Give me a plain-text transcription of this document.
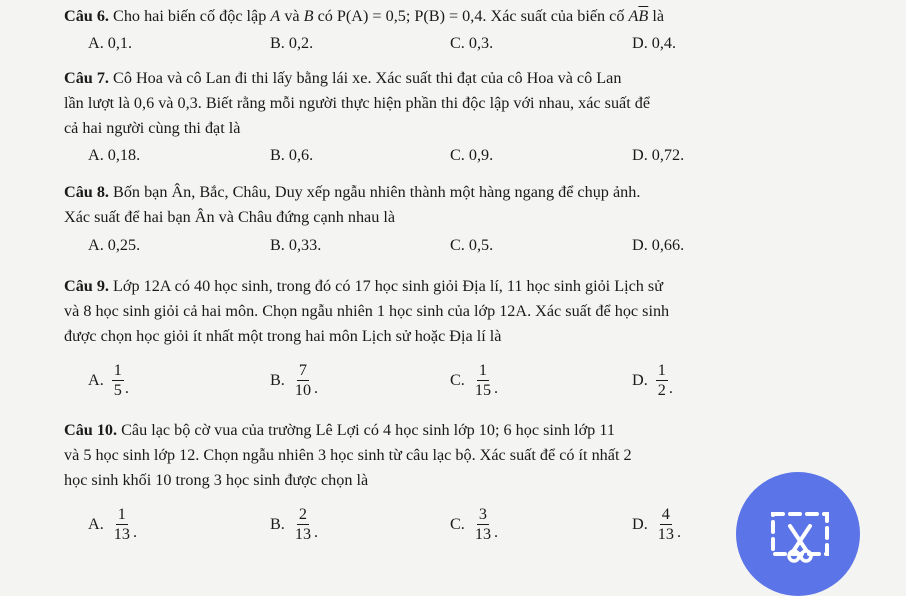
Câu 6. Cho hai biến cố độc lập A và B có P(A) = 0,5; P(B) = 0,4. Xác suất của biến cố $A\overline{B}$ là
A. 0,1.	B. 0,2.	C. 0,3.	D. 0,4.
Câu 7. Cô Hoa và cô Lan đi thi lấy bằng lái xe. Xác suất thi đạt của cô Hoa và cô Lan
lần lượt là 0,6 và 0,3. Biết rằng mỗi người thực hiện phần thi độc lập với nhau, xác suất để
cả hai người cùng thi đạt là
A. 0,18.	B. 0,6.	C. 0,9.	D. 0,72.
Câu 8. Bốn bạn Ân, Bắc, Châu, Duy xếp ngẫu nhiên thành một hàng ngang để chụp ảnh.
Xác suất để hai bạn Ân và Châu đứng cạnh nhau là
A. 0,25.	B. 0,33.	C. 0,5.	D. 0,66.
Câu 9. Lớp 12A có 40 học sinh, trong đó có 17 học sinh giỏi Địa lí, 11 học sinh giỏi Lịch sử
và 8 học sinh giỏi cả hai môn. Chọn ngẫu nhiên 1 học sinh của lớp 12A. Xác suất để học sinh
được chọn học giỏi ít nhất một trong hai môn Lịch sử hoặc Địa lí là
A. $\frac{1}{5}$ .	B. $\frac{7}{10}$ .	C. $\frac{1}{15}$ .	D. $\frac{1}{2}$ .
Câu 10. Câu lạc bộ cờ vua của trường Lê Lợi có 4 học sinh lớp 10; 6 học sinh lớp 11
và 5 học sinh lớp 12. Chọn ngẫu nhiên 3 học sinh từ câu lạc bộ. Xác suất để có ít nhất 2
học sinh khối 10 trong 3 học sinh được chọn là
A. $\frac{1}{13}$ .	B. $\frac{2}{13}$ .	C. $\frac{3}{13}$ .	D. $\frac{4}{13}$ .
